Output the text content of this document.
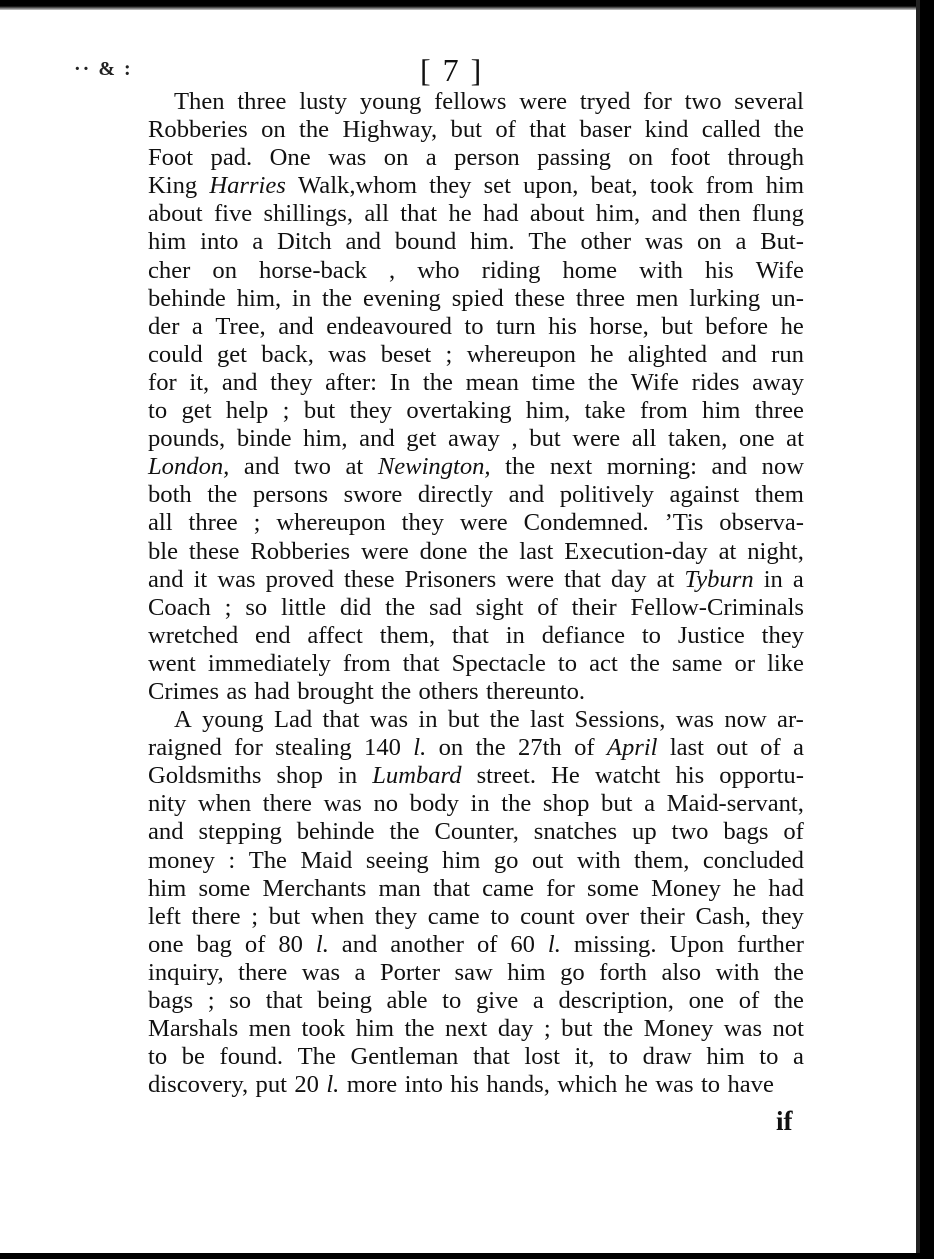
·· & :	[ 7 ]
Then three lusty young fellows were tryed for two several
Robberies on the Highway, but of that baser kind called the
Foot pad. One was on a person passing on foot through
King Harries Walk,whom they set upon, beat, took from him
about five shillings, all that he had about him, and then flung
him into a Ditch and bound him. The other was on a But-
cher on horse-back , who riding home with his Wife
behinde him, in the evening spied these three men lurking un-
der a Tree, and endeavoured to turn his horse, but before he
could get back, was beset ; whereupon he alighted and run
for it, and they after: In the mean time the Wife rides away
to get help ; but they overtaking him, take from him three
pounds, binde him, and get away , but were all taken, one at
London, and two at Newington, the next morning: and now
both the persons swore directly and politively against them
all three ; whereupon they were Condemned. ’Tis observa-
ble these Robberies were done the last Execution-day at night,
and it was proved these Prisoners were that day at Tyburn in a
Coach ; so little did the sad sight of their Fellow-Criminals
wretched end affect them, that in defiance to Justice they
went immediately from that Spectacle to act the same or like
Crimes as had brought the others thereunto.
A young Lad that was in but the last Sessions, was now ar-
raigned for stealing 140 l. on the 27th of April last out of a
Goldsmiths shop in Lumbard street. He watcht his opportu-
nity when there was no body in the shop but a Maid-servant,
and stepping behinde the Counter, snatches up two bags of
money : The Maid seeing him go out with them, concluded
him some Merchants man that came for some Money he had
left there ; but when they came to count over their Cash, they
one bag of 80 l. and another of 60 l. missing. Upon further
inquiry, there was a Porter saw him go forth also with the
bags ; so that being able to give a description, one of the
Marshals men took him the next day ; but the Money was not
to be found. The Gentleman that lost it, to draw him to a
discovery, put 20 l. more into his hands, which he was to have
if
